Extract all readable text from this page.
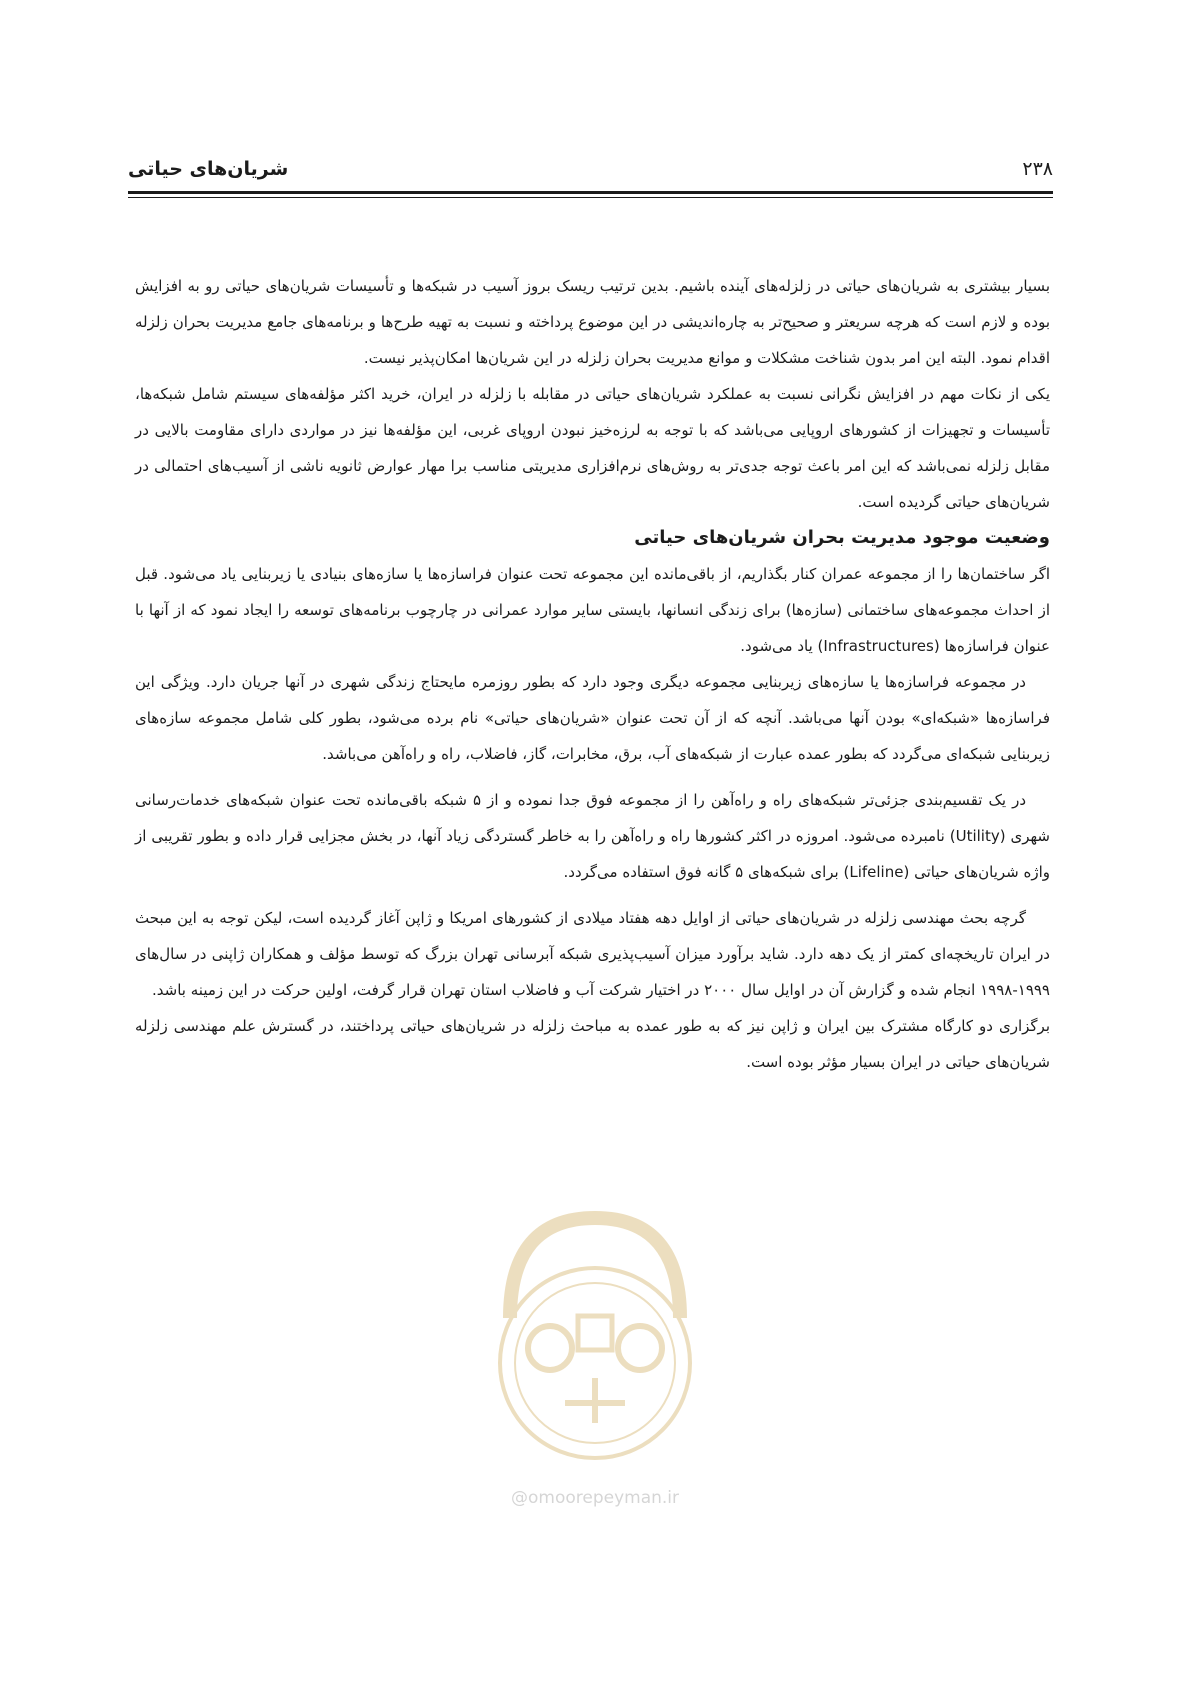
شریان‌های حیاتی	۲۳۸

بسیار بیشتری به شریان‌های حیاتی در زلزله‌های آینده باشیم. بدین ترتیب ریسک بروز آسیب در شبکه‌ها و تأسیسات شریان‌های حیاتی رو به افزایش بوده و لازم است که هرچه سریعتر و صحیح‌تر به چاره‌اندیشی در این موضوع پرداخته و نسبت به تهیه طرح‌ها و برنامه‌های جامع مدیریت بحران زلزله اقدام نمود. البته این امر بدون شناخت مشکلات و موانع مدیریت بحران زلزله در این شریان‌ها امکان‌پذیر نیست.

یکی از نکات مهم در افزایش نگرانی نسبت به عملکرد شریان‌های حیاتی در مقابله با زلزله در ایران، خرید اکثر مؤلفه‌های سیستم شامل شبکه‌ها، تأسیسات و تجهیزات از کشورهای اروپایی می‌باشد که با توجه به لرزه‌خیز نبودن اروپای غربی، این مؤلفه‌ها نیز در مواردی دارای مقاومت بالایی در مقابل زلزله نمی‌باشد که این امر باعث توجه جدی‌تر به روش‌های نرم‌افزاری مدیریتی مناسب برا مهار عوارض ثانویه ناشی از آسیب‌های احتمالی در شریان‌های حیاتی گردیده است.

وضعیت موجود مدیریت بحران شریان‌های حیاتی

اگر ساختمان‌ها را از مجموعه عمران کنار بگذاریم، از باقی‌مانده این مجموعه تحت عنوان فراسازه‌ها یا سازه‌های بنیادی یا زیربنایی یاد می‌شود. قبل از احداث مجموعه‌های ساختمانی (سازه‌ها) برای زندگی انسانها، بایستی سایر موارد عمرانی در چارچوب برنامه‌های توسعه را ایجاد نمود که از آنها با عنوان فراسازه‌ها (Infrastructures) یاد می‌شود.

در مجموعه فراسازه‌ها یا سازه‌های زیربنایی مجموعه دیگری وجود دارد که بطور روزمره مایحتاج زندگی شهری در آنها جریان دارد. ویژگی این فراسازه‌ها «شبکه‌ای» بودن آنها می‌باشد. آنچه که از آن تحت عنوان «شریان‌های حیاتی» نام برده می‌شود، بطور کلی شامل مجموعه سازه‌های زیربنایی شبکه‌ای می‌گردد که بطور عمده عبارت از شبکه‌های آب، برق، مخابرات، گاز، فاضلاب، راه و راه‌آهن می‌باشد.

در یک تقسیم‌بندی جزئی‌تر شبکه‌های راه و راه‌آهن را از مجموعه فوق جدا نموده و از ۵ شبکه باقی‌مانده تحت عنوان شبکه‌های خدمات‌رسانی شهری (Utility) نامبرده می‌شود. امروزه در اکثر کشورها راه و راه‌آهن را به خاطر گستردگی زیاد آنها، در بخش مجزایی قرار داده و بطور تقریبی از واژه شریان‌های حیاتی (Lifeline) برای شبکه‌های ۵ گانه فوق استفاده می‌گردد.

گرچه بحث مهندسی زلزله در شریان‌های حیاتی از اوایل دهه هفتاد میلادی از کشورهای امریکا و ژاپن آغاز گردیده است، لیکن توجه به این مبحث در ایران تاریخچه‌ای کمتر از یک دهه دارد. شاید برآورد میزان آسیب‌پذیری شبکه آبرسانی تهران بزرگ که توسط مؤلف و همکاران ژاپنی در سال‌های ۱۹۹۹-۱۹۹۸ انجام شده و گزارش آن در اوایل سال ۲۰۰۰ در اختیار شرکت آب و فاضلاب استان تهران قرار گرفت، اولین حرکت در این زمینه باشد.

برگزاری دو کارگاه مشترک بین ایران و ژاپن نیز که به طور عمده به مباحث زلزله در شریان‌های حیاتی پرداختند، در گسترش علم مهندسی زلزله شریان‌های حیاتی در ایران بسیار مؤثر بوده است.

@omoorepeyman.ir
